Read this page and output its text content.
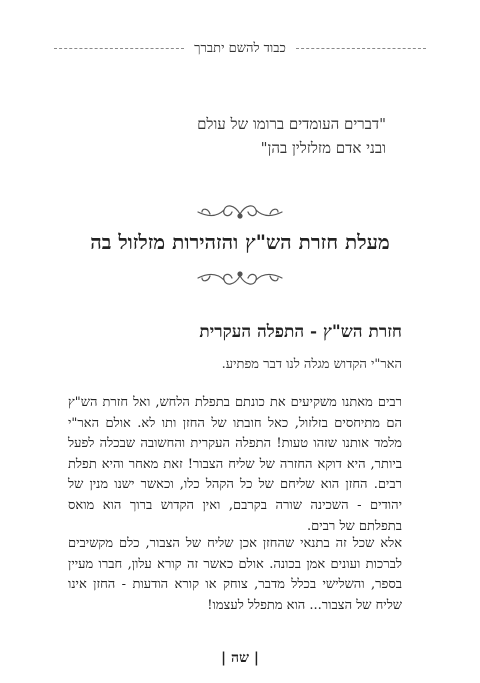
כבוד להשם יתברך
"דברים העומדים ברומו של עולם
ובני אדם מזלזלין בהן"
מעלת חזרת הש"ץ והזהירות מזלזול בה
חזרת הש"ץ - התפלה העקרית
האר"י הקדוש מגלה לנו דבר מפתיע.
רבים מאתנו משקיעים את כונתם בתפלת הלחש, ואל חזרת הש"ץ הם מתיחסים בזלזול, כאל חובתו של החזן ותו לא. אולם האר"י מלמד אותנו שזהו טעות! התפלה העקרית והחשובה שבכלה לפעל ביותר, היא דוקא החזרה של שליח הצבור! זאת מאחר והיא תפלת רבים. החזן הוא שליחם של כל הקהל כלו, וכאשר ישנו מנין של יהודים - השכינה שורה בקרבם, ואין הקדוש ברוך הוא מואס בתפלתם של רבים.
אלא שכל זה בתנאי שהחזן אכן שליח של הצבור, כלם מקשיבים לברכות ועונים אמן בכונה. אולם כאשר זה קורא עלון, חברו מעיין בספר, והשלישי בכלל מדבר, צוחק או קורא הודעות - החזן אינו שליח של הצבור... הוא מתפלל לעצמו!
| שה |
